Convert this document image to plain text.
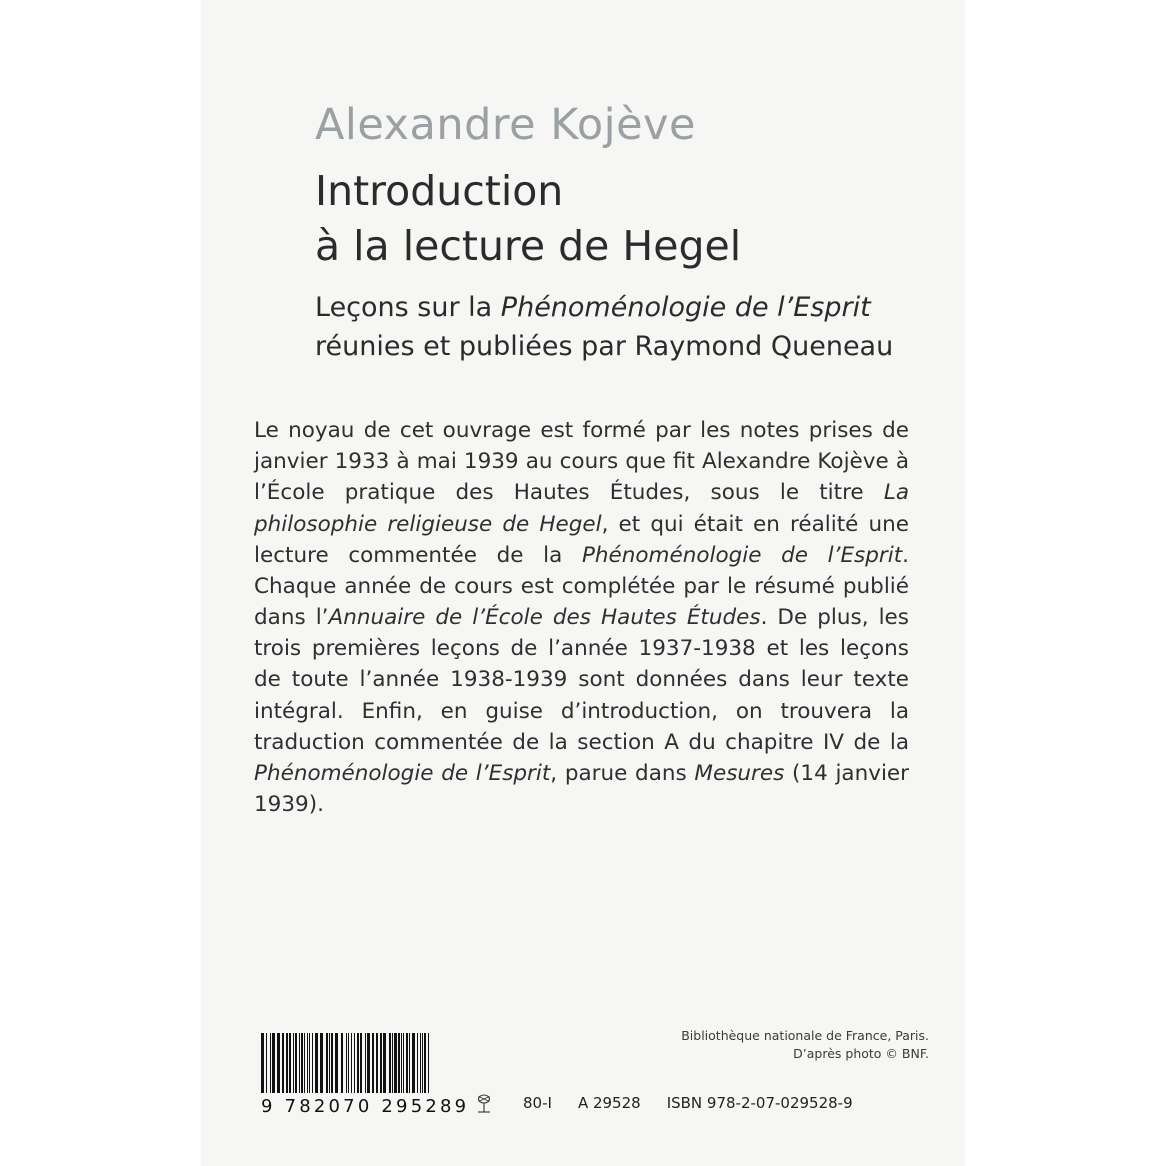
Alexandre Kojève
Introduction
à la lecture de Hegel
Leçons sur la Phénoménologie de l’Esprit
réunies et publiées par Raymond Queneau
Le noyau de cet ouvrage est formé par les notes prises de janvier 1933 à mai 1939 au cours que fit Alexandre Kojève à l’École pratique des Hautes Études, sous le titre La philosophie religieuse de Hegel, et qui était en réalité une lecture commentée de la Phénoménologie de l’Esprit. Chaque année de cours est complétée par le résumé publié dans l’Annuaire de l’École des Hautes Études. De plus, les trois premières leçons de l’année 1937-1938 et les leçons de toute l’année 1938-1939 sont données dans leur texte intégral. Enfin, en guise d’introduction, on trouvera la traduction commentée de la section A du chapitre IV de la Phénoménologie de l’Esprit, parue dans Mesures (14 janvier 1939).
Bibliothèque nationale de France, Paris.
D’après photo © BNF.
9 782070 295289	80-I A 29528 ISBN 978-2-07-029528-9
